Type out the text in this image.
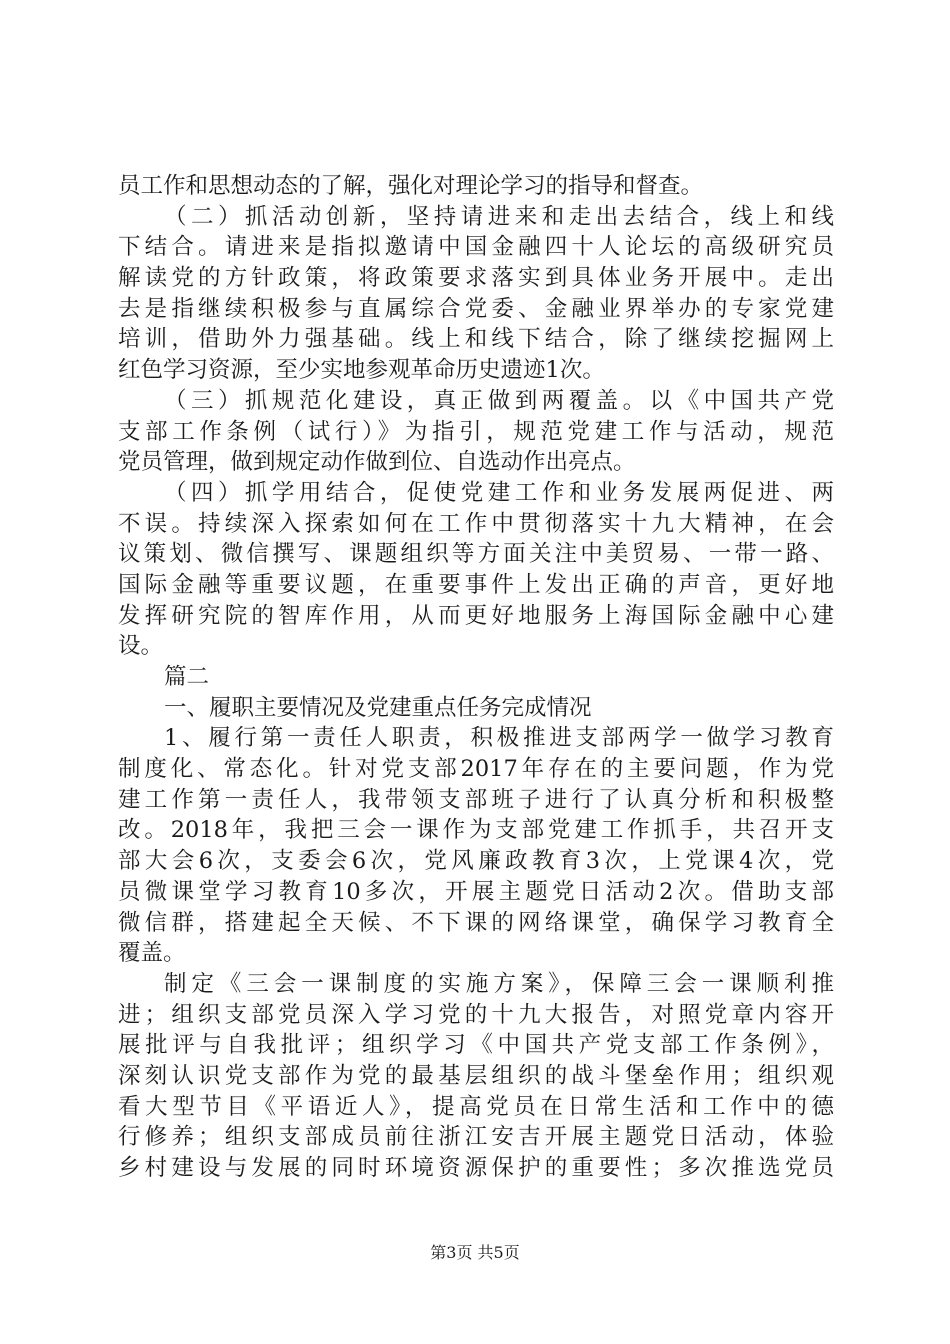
员工作和思想动态的了解，强化对理论学习的指导和督查。
（二）抓活动创新，坚持请进来和走出去结合，线上和线
下结合。请进来是指拟邀请中国金融四十人论坛的高级研究员
解读党的方针政策，将政策要求落实到具体业务开展中。走出
去是指继续积极参与直属综合党委、金融业界举办的专家党建
培训，借助外力强基础。线上和线下结合，除了继续挖掘网上
红色学习资源，至少实地参观革命历史遗迹1次。
（三）抓规范化建设，真正做到两覆盖。以《中国共产党
支部工作条例（试行）》为指引，规范党建工作与活动，规范
党员管理，做到规定动作做到位、自选动作出亮点。
（四）抓学用结合，促使党建工作和业务发展两促进、两
不误。持续深入探索如何在工作中贯彻落实十九大精神，在会
议策划、微信撰写、课题组织等方面关注中美贸易、一带一路、
国际金融等重要议题，在重要事件上发出正确的声音，更好地
发挥研究院的智库作用，从而更好地服务上海国际金融中心建
设。
篇二
一、履职主要情况及党建重点任务完成情况
1、履行第一责任人职责，积极推进支部两学一做学习教育
制度化、常态化。针对党支部2017年存在的主要问题，作为党
建工作第一责任人，我带领支部班子进行了认真分析和积极整
改。2018年，我把三会一课作为支部党建工作抓手，共召开支
部大会6次，支委会6次，党风廉政教育3次，上党课4次，党
员微课堂学习教育10多次，开展主题党日活动2次。借助支部
微信群，搭建起全天候、不下课的网络课堂，确保学习教育全
覆盖。
制定《三会一课制度的实施方案》，保障三会一课顺利推
进；组织支部党员深入学习党的十九大报告，对照党章内容开
展批评与自我批评；组织学习《中国共产党支部工作条例》，
深刻认识党支部作为党的最基层组织的战斗堡垒作用；组织观
看大型节目《平语近人》，提高党员在日常生活和工作中的德
行修养；组织支部成员前往浙江安吉开展主题党日活动，体验
乡村建设与发展的同时环境资源保护的重要性；多次推选党员
第3页 共5页
